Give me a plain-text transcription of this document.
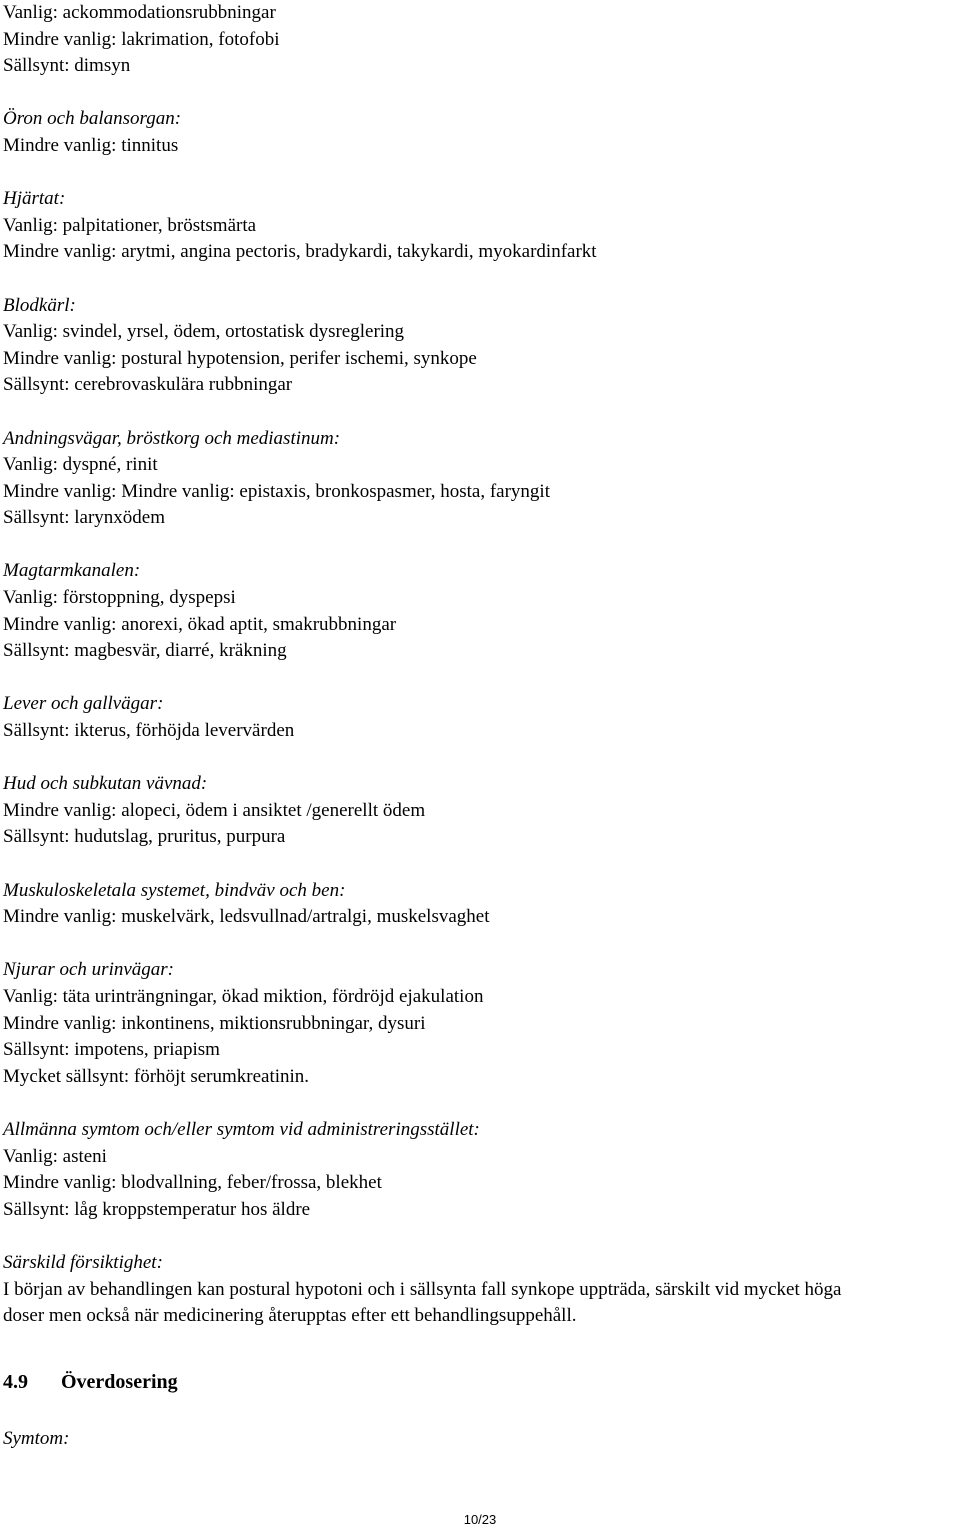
Vanlig: ackommodationsrubbningar
Mindre vanlig: lakrimation, fotofobi
Sällsynt: dimsyn
Öron och balansorgan:
Mindre vanlig: tinnitus
Hjärtat:
Vanlig: palpitationer, bröstsmärta
Mindre vanlig: arytmi, angina pectoris, bradykardi, takykardi, myokardinfarkt
Blodkärl:
Vanlig: svindel, yrsel, ödem, ortostatisk dysreglering
Mindre vanlig: postural hypotension, perifer ischemi, synkope
Sällsynt: cerebrovaskulära rubbningar
Andningsvägar, bröstkorg och mediastinum:
Vanlig: dyspné, rinit
Mindre vanlig: Mindre vanlig: epistaxis, bronkospasmer, hosta, faryngit
Sällsynt: larynxödem
Magtarmkanalen:
Vanlig: förstoppning, dyspepsi
Mindre vanlig: anorexi, ökad aptit, smakrubbningar
Sällsynt: magbesvär, diarré, kräkning
Lever och gallvägar:
Sällsynt: ikterus, förhöjda levervärden
Hud och subkutan vävnad:
Mindre vanlig: alopeci, ödem i ansiktet /generellt ödem
Sällsynt: hudutslag, pruritus, purpura
Muskuloskeletala systemet, bindväv och ben:
Mindre vanlig: muskelvärk, ledsvullnad/artralgi, muskelsvaghet
Njurar och urinvägar:
Vanlig: täta urinträngningar, ökad miktion, fördröjd ejakulation
Mindre vanlig: inkontinens, miktionsrubbningar, dysuri
Sällsynt: impotens, priapism
Mycket sällsynt: förhöjt serumkreatinin.
Allmänna symtom och/eller symtom vid administreringsstället:
Vanlig: asteni
Mindre vanlig: blodvallning, feber/frossa, blekhet
Sällsynt: låg kroppstemperatur hos äldre
Särskild försiktighet:
I början av behandlingen kan postural hypotoni och i sällsynta fall synkope uppträda, särskilt vid mycket höga
doser men också när medicinering återupptas efter ett behandlingsuppehåll.
4.9 Överdosering
Symtom:
10/23
